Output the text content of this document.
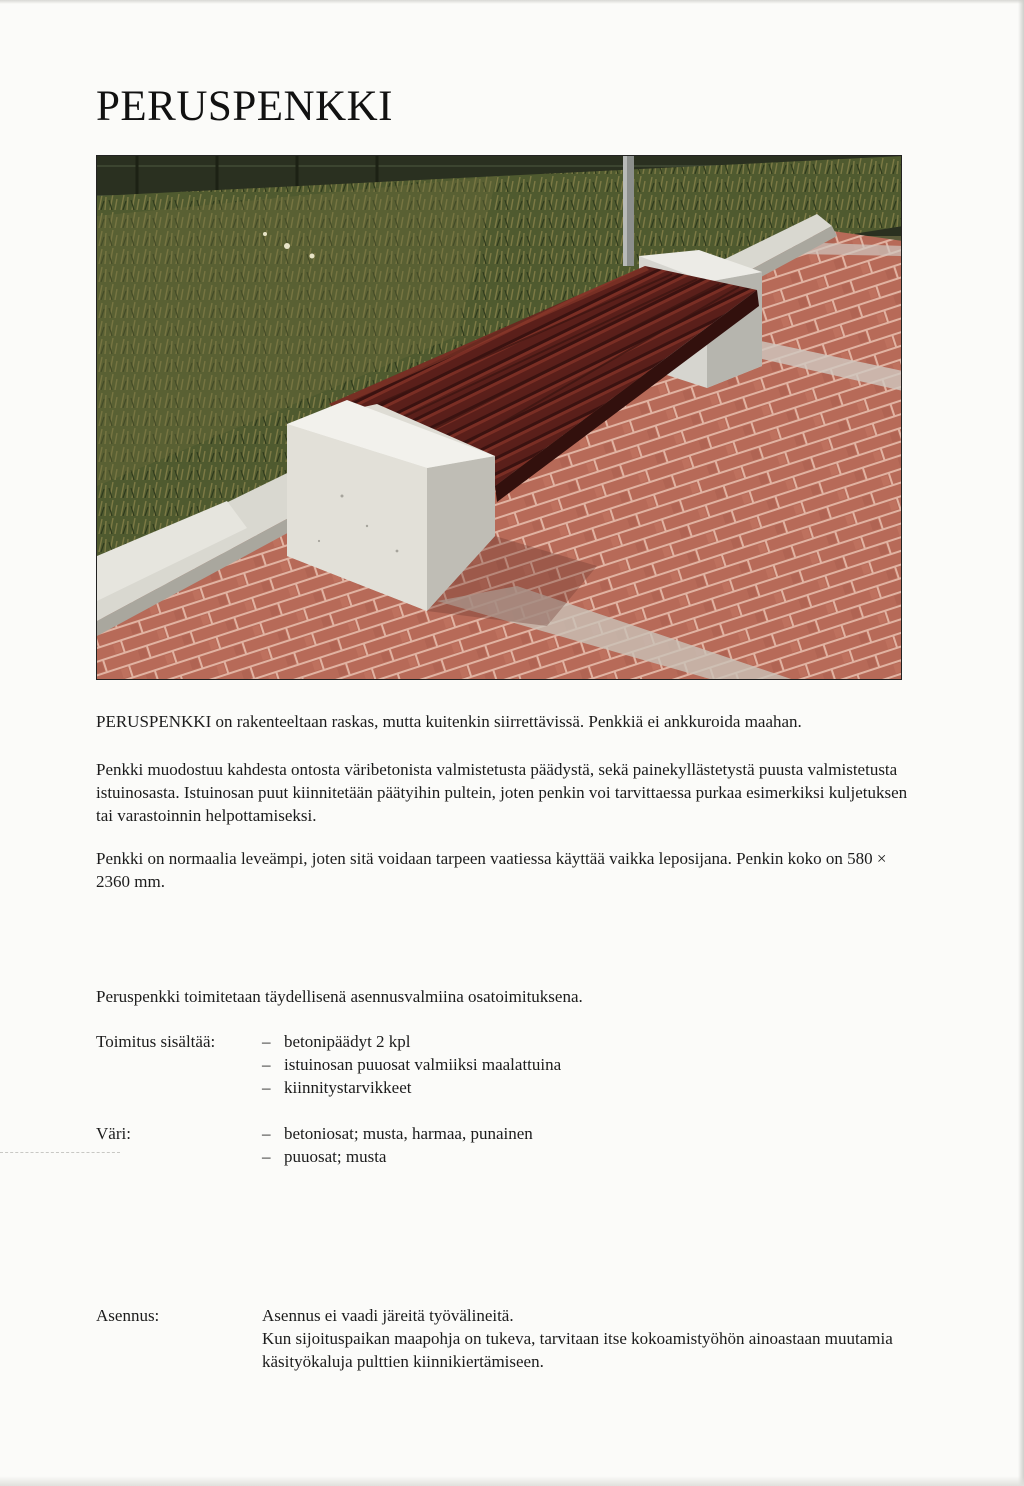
PERUSPENKKI

PERUSPENKKI on rakenteeltaan raskas, mutta kuitenkin siirrettävissä. Penkkiä ei ankkuroida maahan.

Penkki muodostuu kahdesta ontosta väribetonista valmistetusta päädystä, sekä painekyllästetystä puusta valmistetusta istuinosasta. Istuinosan puut kiinnitetään päätyihin pultein, joten penkin voi tarvittaessa purkaa esimerkiksi kuljetuksen tai varastoinnin helpottamiseksi.

Penkki on normaalia leveämpi, joten sitä voidaan tarpeen vaatiessa käyttää vaikka leposijana. Penkin koko on 580 × 2360 mm.

Peruspenkki toimitetaan täydellisenä asennusvalmiina osatoimituksena.

Toimitus sisältää:	– betonipäädyt 2 kpl
– istuinosan puuosat valmiiksi maalattuina
– kiinnitystarvikkeet

Väri:	– betoniosat; musta, harmaa, punainen
– puuosat; musta

Asennus:	Asennus ei vaadi järeitä työvälineitä.

Kun sijoituspaikan maapohja on tukeva, tarvitaan itse kokoamistyöhön ainoastaan muutamia käsityökaluja pulttien kiinnikiertämiseen.
